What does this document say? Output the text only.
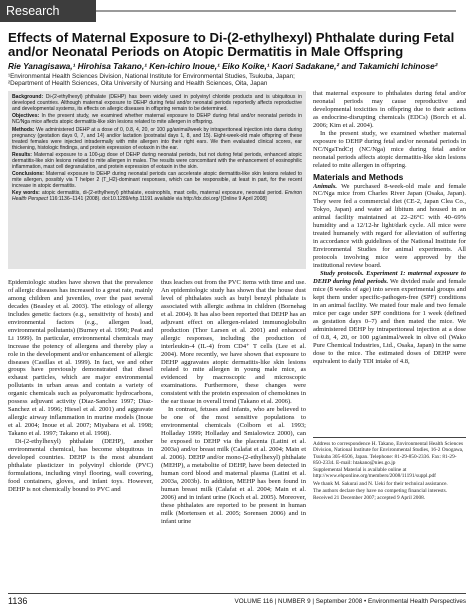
Research
Effects of Maternal Exposure to Di-(2-ethylhexyl) Phthalate during Fetal and/or Neonatal Periods on Atopic Dermatitis in Male Offspring
Rie Yanagisawa,¹ Hirohisa Takano,¹ Ken-ichiro Inoue,¹ Eiko Koike,¹ Kaori Sadakane,² and Takamichi Ichinose²
¹Environmental Health Sciences Division, National Institute for Environmental Studies, Tsukuba, Japan; ²Department of Health Sciences, Oita University of Nursing and Health Sciences, Oita, Japan

Background: Di-(2-ethylhexyl) phthalate (DEHP) has been widely used in polyvinyl chloride products and is ubiquitous in developed countries. Although maternal exposure to DEHP during fetal and/or neonatal periods reportedly affects reproductive and developmental systems, its effects on allergic diseases in offspring remain to be determined.

Objectives: In the present study, we examined whether maternal exposure to DEHP during fetal and/or neonatal periods in NC/Nga mice affects atopic dermatitis-like skin lesions related to mite allergen in offspring.

Methods: We administered DEHP at a dose of 0, 0.8, 4, 20, or 100 µg/animal/week by intraperitoneal injection into dams during pregnancy (gestation days 0, 7, and 14) and/or lactation (postnatal days 1, 8, and 15). Eight-week-old male offspring of these treated females were injected intradermally with mite allergen into their right ears. We then evaluated clinical scores, ear thickening, histologic findings, and protein expression of eotaxin in the ear.

Results: Maternal exposure to a 100-µg dose of DEHP during neonatal periods, but not during fetal periods, enhanced atopic dermatitis-like skin lesions related to mite allergen in males. The results were concomitant with the enhancement of eosinophilic inflammation, mast cell degranulation, and protein expression of eotaxin in the skin.

Conclusions: Maternal exposure to DEHP during neonatal periods can accelerate atopic dermatitis-like skin lesions related to mite allergen, possibly via T helper 2 (T_H2)-dominant responses, which can be responsible, at least in part, for the recent increase in atopic dermatitis.

Key words: atopic dermatitis, di-(2-ethylhexyl) phthalate, eosinophils, mast cells, maternal exposure, neonatal period. Environ Health Perspect 116:1136–1141 (2008). doi:10.1289/ehp.11191 available via http://dx.doi.org/ [Online 9 April 2008]

Epidemiologic studies have shown that the prevalence of allergic diseases has increased to a great rate, mainly among children and juveniles, over the past several decades (Beasley et al. 2003). The etiology of allergy includes genetic factors (e.g., sensitivity of hosts) and environmental factors (e.g., allergen load, environmental pollutants) (Burney et al. 1990; Peat and Li 1999). In particular, environmental chemicals may increase the potency of allergens and thereby play a role in the development and/or enhancement of allergic diseases (Casillas et al. 1999). In fact, we and other groups have previously demonstrated that diesel exhaust particles, which are major environmental pollutants in urban areas and contain a variety of organic chemicals such as polyaromatic hydrocarbons, possess adjuvant activity (Diaz-Sanchez 1997; Diaz-Sanchez et al. 1996; Hiesel et al. 2001) and aggravate allergic airway inflammation in murine models (Inoue et al. 2004; Inoue et al. 2007; Miyabara et al. 1998; Takano et al. 1997; Takano et al. 1998).

Di-(2-ethylhexyl) phthalate (DEHP), another environmental chemical, has become ubiquitous in developed countries. DEHP is the most abundant phthalate plasticizer in polyvinyl chloride (PVC) formulations, including vinyl flooring, wall covering, food containers, gloves, and infant toys. However, DEHP is not chemically bound to PVC and

thus leaches out from the PVC items with time and use. An epidemiologic study has shown that the house dust level of phthalates such as butyl benzyl phthalate is associated with allergic asthma in children (Bornehag et al. 2004). It has also been reported that DEHP has an adjuvant effect on allergen-related immunoglobulin production (Thor Larsen et al. 2001) and enhanced allergic responses, including the production of interleukin-4 (IL-4) from CD4⁺ T cells (Lee et al. 2004). More recently, we have shown that exposure to DEHP aggravates atopic dermatitis-like skin lesions related to mite allergen in young male mice, as evidenced by macroscopic and microscopic examinations. Furthermore, these changes were consistent with the protein expression of chemokines in the ear tissue in overall trend (Takano et al. 2006).

In contrast, fetuses and infants, who are believed to be one of the most sensitive populations to environmental chemicals (Colborn et al. 1993; Holladay 1999; Holladay and Smialowicz 2000), can be exposed to DEHP via the placenta (Latini et al. 2003a) and/or breast milk (Calafat et al. 2004; Main et al. 2006). DEHP and/or mono-(2-ethylhexyl) phthalate (MEHP), a metabolite of DEHP, have been detected in human cord blood and maternal plasma (Latini et al. 2003a, 2003b). In addition, MEHP has been found in human breast milk (Calafat et al. 2004; Main et al. 2006) and in infant urine (Koch et al. 2005). Moreover, these phthalates are reported to be present in human milk (Mortensen et al. 2005; Sorensen 2006) and in infant urine

that maternal exposure to phthalates during fetal and/or neonatal periods may cause reproductive and developmental toxicities in offspring due to their actions as endocrine-disrupting chemicals (EDCs) (Borch et al. 2006; Kim et al. 2004).

In the present study, we examined whether maternal exposure to DEHP during fetal and/or neonatal periods in NC/NgaTndCrj (NC/Nga) mice during fetal and/or neonatal periods affects atopic dermatitis-like skin lesions related to mite allergen in offspring.

Materials and Methods

Animals. We purchased 8-week-old male and female NC/Nga mice from Charles River Japan (Osaka, Japan). They were fed a commercial diet (CE-2, Japan Clea Co., Tokyo, Japan) and water ad libitum and housed in an animal facility maintained at 22–26°C with 40–69% humidity and a 12/12-hr light/dark cycle. All mice were treated humanely with regard for alleviation of suffering in accordance with guidelines of the National Institute for Environmental Studies for animal experiments. All protocols involving mice were approved by the institutional review board.

Study protocols. Experiment 1: maternal exposure to DEHP during fetal periods. We divided male and female mice (8 weeks of age) into seven experimental groups and kept them under specific-pathogen-free (SPF) conditions in an animal facility. We mated four male and two female mice per cage under SPF conditions for 1 week (defined as gestation days 0–7) and then mated the mice. We administered DEHP by intraperitoneal injection at a dose of 0.8, 4, 20, or 100 µg/animal/week in olive oil (Wako Pure Chemical Industries, Ltd., Osaka, Japan) in the same dose to the mice. The estimated doses of DEHP were equivalent to daily TDI intake of 4.8,

Address to correspondence H. Takano, Environmental Health Sciences Division, National Institute for Environmental Studies, 16-2 Onogawa, Tsukuba 305-8506, Japan. Telephone: 81-29-850-2336. Fax: 81-29-850-2334. E-mail: htakano@nies.go.jp

Supplemental Material is available online at http://www.ehponline.org/members/2008/11191/suppl.pdf

We thank M. Sakurai and N. Ueki for their technical assistance.

The authors declare they have no competing financial interests.

Received 21 December 2007; accepted 9 April 2008.

1136	VOLUME 116 | NUMBER 9 | September 2008 • Environmental Health Perspectives
